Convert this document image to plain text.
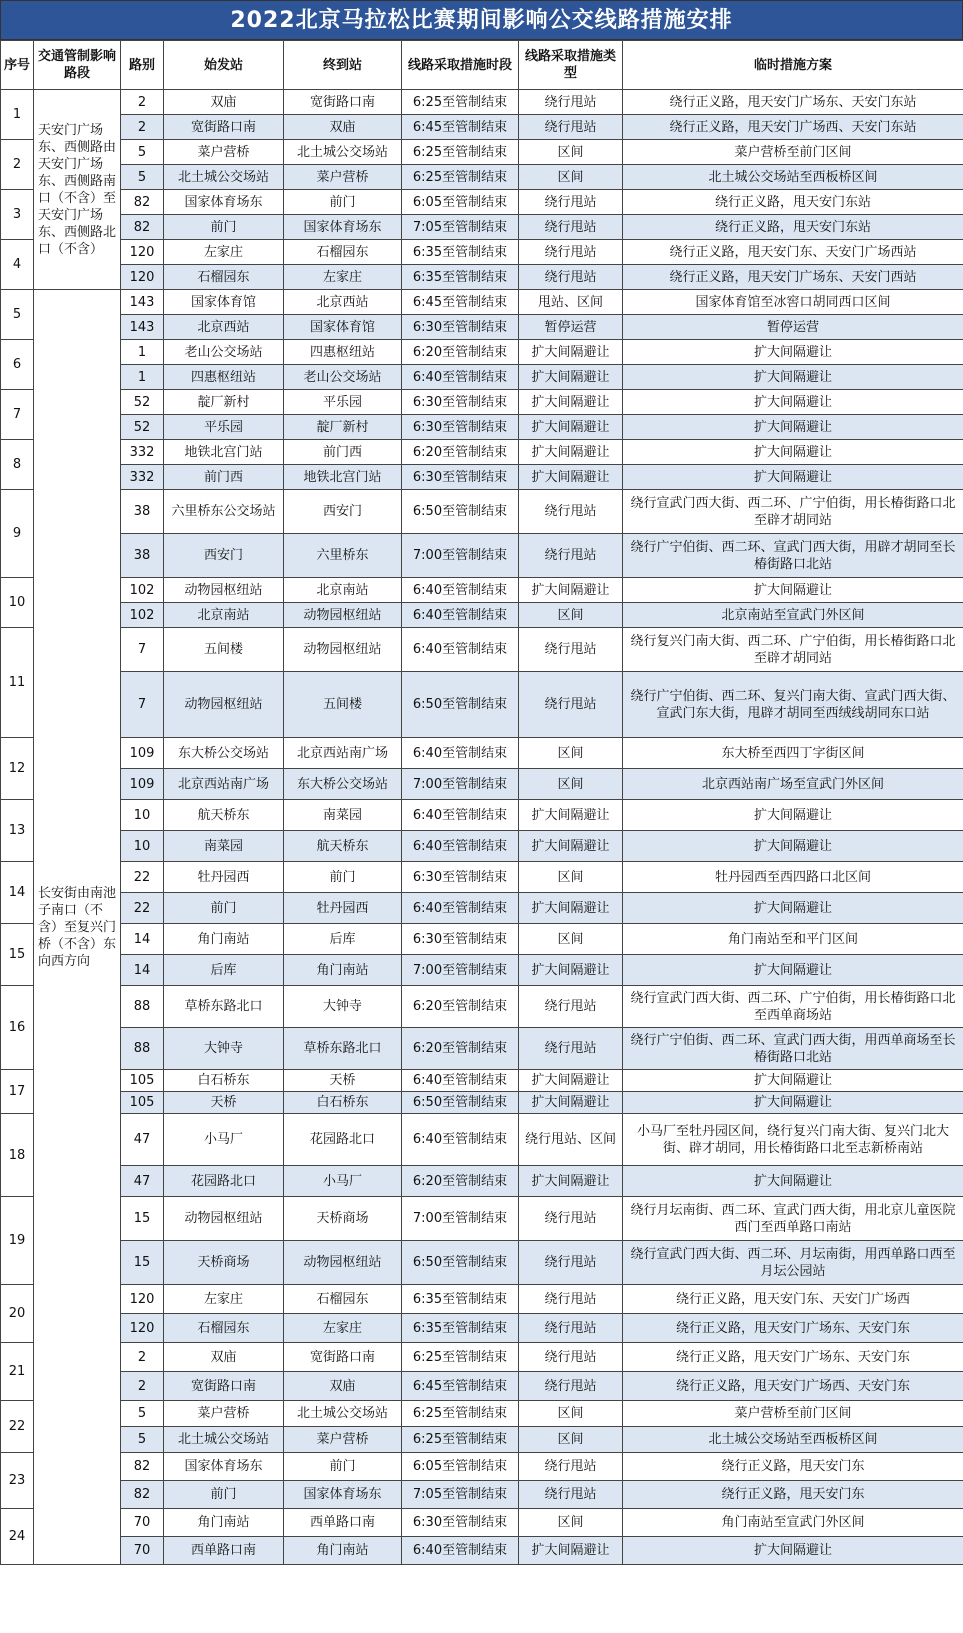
2022北京马拉松比赛期间影响公交线路措施安排
序号	交通管制影响路段	路别	始发站	终到站	线路采取措施时段	线路采取措施类型	临时措施方案
1	天安门广场东、西侧路由天安门广场东、西侧路南口（不含）至天安门广场东、西侧路北口（不含）	2	双庙	宽街路口南	6:25至管制结束	绕行甩站	绕行正义路，甩天安门广场东、天安门东站
		2	宽街路口南	双庙	6:45至管制结束	绕行甩站	绕行正义路，甩天安门广场西、天安门东站
2		5	菜户营桥	北土城公交场站	6:25至管制结束	区间	菜户营桥至前门区间
		5	北土城公交场站	菜户营桥	6:25至管制结束	区间	北土城公交场站至西板桥区间
3		82	国家体育场东	前门	6:05至管制结束	绕行甩站	绕行正义路，甩天安门东站
		82	前门	国家体育场东	7:05至管制结束	绕行甩站	绕行正义路，甩天安门东站
4		120	左家庄	石榴园东	6:35至管制结束	绕行甩站	绕行正义路，甩天安门东、天安门广场西站
		120	石榴园东	左家庄	6:35至管制结束	绕行甩站	绕行正义路，甩天安门广场东、天安门西站
5	长安街由南池子南口（不含）至复兴门桥（不含）东向西方向	143	国家体育馆	北京西站	6:45至管制结束	甩站、区间	国家体育馆至冰窖口胡同西口区间
		143	北京西站	国家体育馆	6:30至管制结束	暂停运营	暂停运营
6		1	老山公交场站	四惠枢纽站	6:20至管制结束	扩大间隔避让	扩大间隔避让
		1	四惠枢纽站	老山公交场站	6:40至管制结束	扩大间隔避让	扩大间隔避让
7		52	靛厂新村	平乐园	6:30至管制结束	扩大间隔避让	扩大间隔避让
		52	平乐园	靛厂新村	6:30至管制结束	扩大间隔避让	扩大间隔避让
8		332	地铁北宫门站	前门西	6:20至管制结束	扩大间隔避让	扩大间隔避让
		332	前门西	地铁北宫门站	6:30至管制结束	扩大间隔避让	扩大间隔避让
9		38	六里桥东公交场站	西安门	6:50至管制结束	绕行甩站	绕行宣武门西大街、西二环、广宁伯街，用长椿街路口北至辟才胡同站
		38	西安门	六里桥东	7:00至管制结束	绕行甩站	绕行广宁伯街、西二环、宣武门西大街，用辟才胡同至长椿街路口北站
10		102	动物园枢纽站	北京南站	6:40至管制结束	扩大间隔避让	扩大间隔避让
		102	北京南站	动物园枢纽站	6:40至管制结束	区间	北京南站至宣武门外区间
11		7	五间楼	动物园枢纽站	6:40至管制结束	绕行甩站	绕行复兴门南大街、西二环、广宁伯街，用长椿街路口北至辟才胡同站
		7	动物园枢纽站	五间楼	6:50至管制结束	绕行甩站	绕行广宁伯街、西二环、复兴门南大街、宣武门西大街、宣武门东大街，甩辟才胡同至西绒线胡同东口站
12		109	东大桥公交场站	北京西站南广场	6:40至管制结束	区间	东大桥至西四丁字街区间
		109	北京西站南广场	东大桥公交场站	7:00至管制结束	区间	北京西站南广场至宣武门外区间
13		10	航天桥东	南菜园	6:40至管制结束	扩大间隔避让	扩大间隔避让
		10	南菜园	航天桥东	6:40至管制结束	扩大间隔避让	扩大间隔避让
14		22	牡丹园西	前门	6:30至管制结束	区间	牡丹园西至西四路口北区间
		22	前门	牡丹园西	6:40至管制结束	扩大间隔避让	扩大间隔避让
15		14	角门南站	后库	6:30至管制结束	区间	角门南站至和平门区间
		14	后库	角门南站	7:00至管制结束	扩大间隔避让	扩大间隔避让
16		88	草桥东路北口	大钟寺	6:20至管制结束	绕行甩站	绕行宣武门西大街、西二环、广宁伯街，用长椿街路口北至西单商场站
		88	大钟寺	草桥东路北口	6:20至管制结束	绕行甩站	绕行广宁伯街、西二环、宣武门西大街，用西单商场至长椿街路口北站
17		105	白石桥东	天桥	6:40至管制结束	扩大间隔避让	扩大间隔避让
		105	天桥	白石桥东	6:50至管制结束	扩大间隔避让	扩大间隔避让
18		47	小马厂	花园路北口	6:40至管制结束	绕行甩站、区间	小马厂至牡丹园区间，绕行复兴门南大街、复兴门北大街、辟才胡同，用长椿街路口北至志新桥南站
		47	花园路北口	小马厂	6:20至管制结束	扩大间隔避让	扩大间隔避让
19		15	动物园枢纽站	天桥商场	7:00至管制结束	绕行甩站	绕行月坛南街、西二环、宣武门西大街，用北京儿童医院西门至西单路口南站
		15	天桥商场	动物园枢纽站	6:50至管制结束	绕行甩站	绕行宣武门西大街、西二环、月坛南街，用西单路口西至月坛公园站
20		120	左家庄	石榴园东	6:35至管制结束	绕行甩站	绕行正义路，甩天安门东、天安门广场西
		120	石榴园东	左家庄	6:35至管制结束	绕行甩站	绕行正义路，甩天安门广场东、天安门东
21		2	双庙	宽街路口南	6:25至管制结束	绕行甩站	绕行正义路，甩天安门广场东、天安门东
		2	宽街路口南	双庙	6:45至管制结束	绕行甩站	绕行正义路，甩天安门广场西、天安门东
22		5	菜户营桥	北土城公交场站	6:25至管制结束	区间	菜户营桥至前门区间
		5	北土城公交场站	菜户营桥	6:25至管制结束	区间	北土城公交场站至西板桥区间
23		82	国家体育场东	前门	6:05至管制结束	绕行甩站	绕行正义路，甩天安门东
		82	前门	国家体育场东	7:05至管制结束	绕行甩站	绕行正义路，甩天安门东
24		70	角门南站	西单路口南	6:30至管制结束	区间	角门南站至宣武门外区间
		70	西单路口南	角门南站	6:40至管制结束	扩大间隔避让	扩大间隔避让
